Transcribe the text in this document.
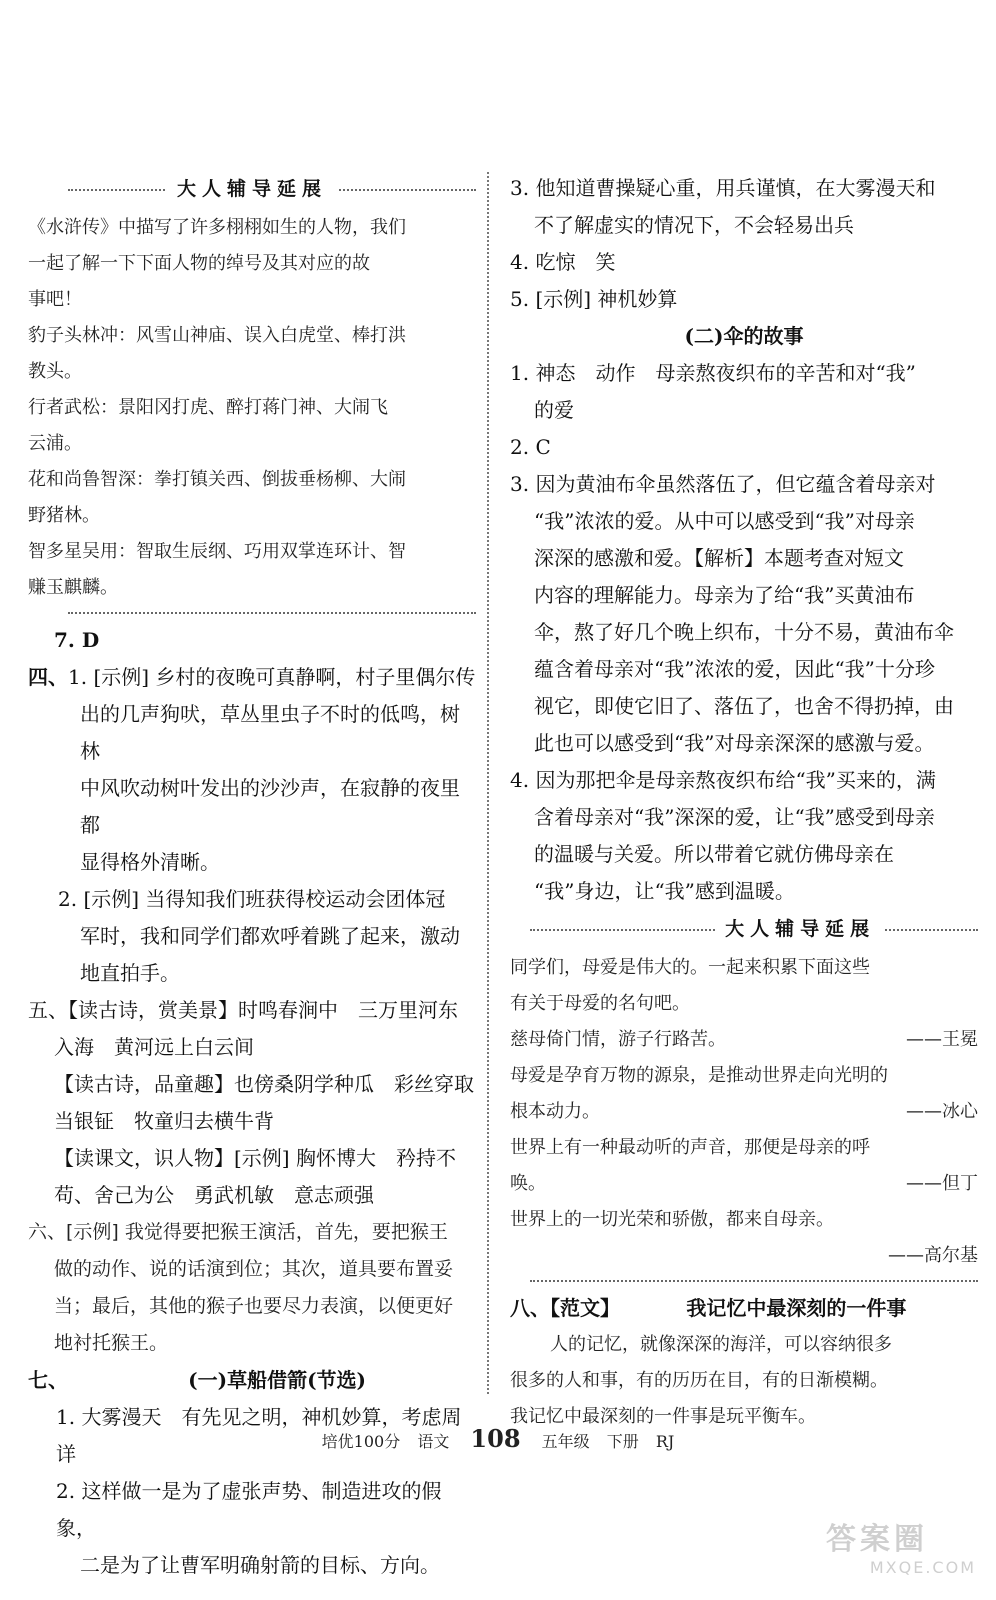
大人辅导延展

《水浒传》中描写了许多栩栩如生的人物，我们

一起了解一下下面人物的绰号及其对应的故

事吧！

豹子头林冲：风雪山神庙、误入白虎堂、棒打洪

教头。

行者武松：景阳冈打虎、醉打蒋门神、大闹飞

云浦。

花和尚鲁智深：拳打镇关西、倒拔垂杨柳、大闹

野猪林。

智多星吴用：智取生辰纲、巧用双掌连环计、智

赚玉麒麟。

7. D

四、1. [示例] 乡村的夜晚可真静啊，村子里偶尔传

出的几声狗吠，草丛里虫子不时的低鸣，树林

中风吹动树叶发出的沙沙声，在寂静的夜里都

显得格外清晰。

2. [示例] 当得知我们班获得校运动会团体冠

军时，我和同学们都欢呼着跳了起来，激动

地直拍手。

五、【读古诗，赏美景】时鸣春涧中　三万里河东

入海　黄河远上白云间

【读古诗，品童趣】也傍桑阴学种瓜　彩丝穿取

当银钲　牧童归去横牛背

【读课文，识人物】[示例] 胸怀博大　矜持不

苟、舍己为公　勇武机敏　意志顽强

六、[示例] 我觉得要把猴王演活，首先，要把猴王

做的动作、说的话演到位；其次，道具要布置妥

当；最后，其他的猴子也要尽力表演，以便更好

地衬托猴王。

七、	(一)草船借箭(节选)

1. 大雾漫天　有先见之明，神机妙算，考虑周详

2. 这样做一是为了虚张声势、制造进攻的假象，

二是为了让曹军明确射箭的目标、方向。

3. 他知道曹操疑心重，用兵谨慎，在大雾漫天和

不了解虚实的情况下，不会轻易出兵

4. 吃惊　笑

5. [示例] 神机妙算

(二)伞的故事

1. 神态　动作　母亲熬夜织布的辛苦和对“我”

的爱

2. C

3. 因为黄油布伞虽然落伍了，但它蕴含着母亲对

“我”浓浓的爱。从中可以感受到“我”对母亲

深深的感激和爱。【解析】本题考查对短文

内容的理解能力。母亲为了给“我”买黄油布

伞，熬了好几个晚上织布，十分不易，黄油布伞

蕴含着母亲对“我”浓浓的爱，因此“我”十分珍

视它，即使它旧了、落伍了，也舍不得扔掉，由

此也可以感受到“我”对母亲深深的感激与爱。

4. 因为那把伞是母亲熬夜织布给“我”买来的，满

含着母亲对“我”深深的爱，让“我”感受到母亲

的温暖与关爱。所以带着它就仿佛母亲在

“我”身边，让“我”感到温暖。

大人辅导延展

同学们，母爱是伟大的。一起来积累下面这些

有关于母爱的名句吧。

慈母倚门情，游子行路苦。	——王冕

母爱是孕育万物的源泉，是推动世界走向光明的

根本动力。	——冰心

世界上有一种最动听的声音，那便是母亲的呼

唤。	——但丁

世界上的一切光荣和骄傲，都来自母亲。

——高尔基

八、【范文】	我记忆中最深刻的一件事

人的记忆，就像深深的海洋，可以容纳很多

很多的人和事，有的历历在目，有的日渐模糊。

我记忆中最深刻的一件事是玩平衡车。

培优100分 语文 108 五年级 下册 RJ
答案圈
MXQE.COM
